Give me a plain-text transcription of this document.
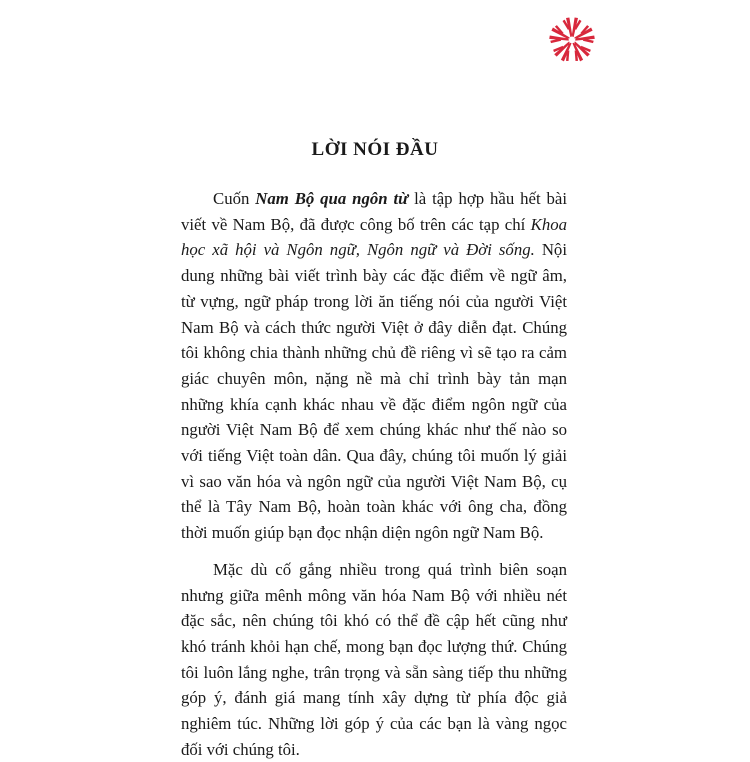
LỜI NÓI ĐẦU

Cuốn Nam Bộ qua ngôn từ là tập hợp hầu hết bài viết về Nam Bộ, đã được công bố trên các tạp chí Khoa học xã hội và Ngôn ngữ, Ngôn ngữ và Đời sống. Nội dung những bài viết trình bày các đặc điểm về ngữ âm, từ vựng, ngữ pháp trong lời ăn tiếng nói của người Việt Nam Bộ và cách thức người Việt ở đây diễn đạt. Chúng tôi không chia thành những chủ đề riêng vì sẽ tạo ra cảm giác chuyên môn, nặng nề mà chỉ trình bày tản mạn những khía cạnh khác nhau về đặc điểm ngôn ngữ của người Việt Nam Bộ để xem chúng khác như thế nào so với tiếng Việt toàn dân. Qua đây, chúng tôi muốn lý giải vì sao văn hóa và ngôn ngữ của người Việt Nam Bộ, cụ thể là Tây Nam Bộ, hoàn toàn khác với ông cha, đồng thời muốn giúp bạn đọc nhận diện ngôn ngữ Nam Bộ.

Mặc dù cố gắng nhiều trong quá trình biên soạn nhưng giữa mênh mông văn hóa Nam Bộ với nhiều nét đặc sắc, nên chúng tôi khó có thể đề cập hết cũng như khó tránh khỏi hạn chế, mong bạn đọc lượng thứ. Chúng tôi luôn lắng nghe, trân trọng và sẵn sàng tiếp thu những góp ý, đánh giá mang tính xây dựng từ phía độc giả nghiêm túc. Những lời góp ý của các bạn là vàng ngọc đối với chúng tôi.
